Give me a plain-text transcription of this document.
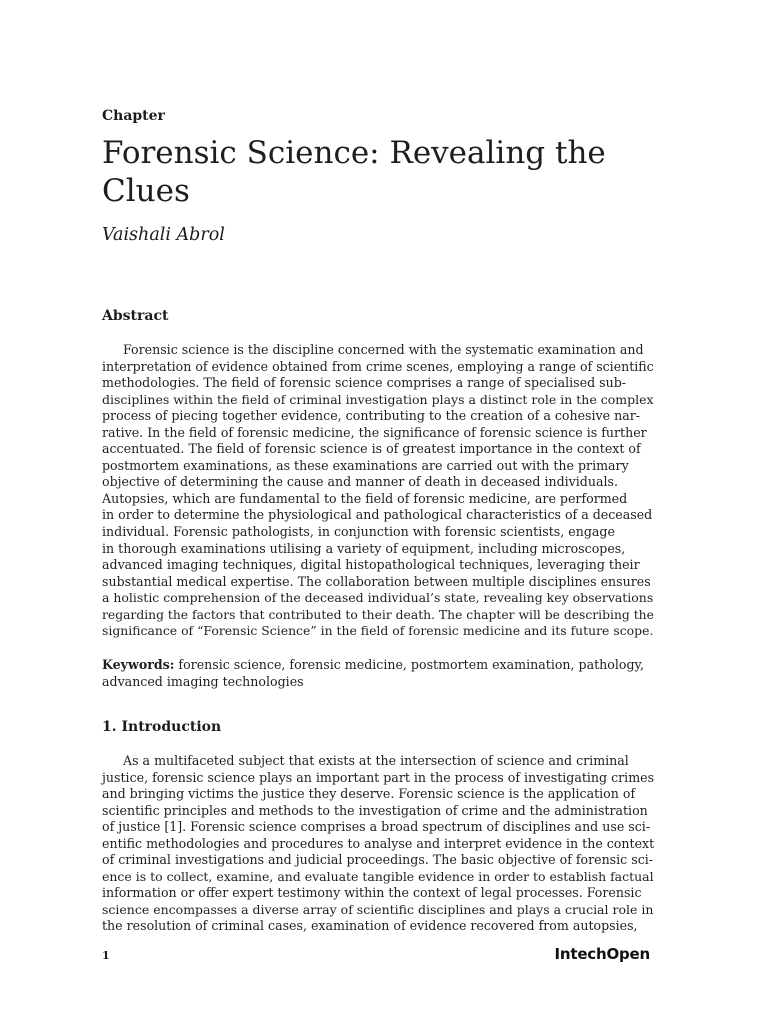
Chapter
Forensic Science: Revealing the
Clues
Vaishali Abrol
Abstract
Forensic science is the discipline concerned with the systematic examination and
interpretation of evidence obtained from crime scenes, employing a range of scientific
methodologies. The field of forensic science comprises a range of specialised sub-
disciplines within the field of criminal investigation plays a distinct role in the complex
process of piecing together evidence, contributing to the creation of a cohesive nar-
rative. In the field of forensic medicine, the significance of forensic science is further
accentuated. The field of forensic science is of greatest importance in the context of
postmortem examinations, as these examinations are carried out with the primary
objective of determining the cause and manner of death in deceased individuals.
Autopsies, which are fundamental to the field of forensic medicine, are performed
in order to determine the physiological and pathological characteristics of a deceased
individual. Forensic pathologists, in conjunction with forensic scientists, engage
in thorough examinations utilising a variety of equipment, including microscopes,
advanced imaging techniques, digital histopathological techniques, leveraging their
substantial medical expertise. The collaboration between multiple disciplines ensures
a holistic comprehension of the deceased individual’s state, revealing key observations
regarding the factors that contributed to their death. The chapter will be describing the
significance of “Forensic Science” in the field of forensic medicine and its future scope.
Keywords: forensic science, forensic medicine, postmortem examination, pathology,
advanced imaging technologies
1. Introduction
As a multifaceted subject that exists at the intersection of science and criminal
justice, forensic science plays an important part in the process of investigating crimes
and bringing victims the justice they deserve. Forensic science is the application of
scientific principles and methods to the investigation of crime and the administration
of justice [1]. Forensic science comprises a broad spectrum of disciplines and use sci-
entific methodologies and procedures to analyse and interpret evidence in the context
of criminal investigations and judicial proceedings. The basic objective of forensic sci-
ence is to collect, examine, and evaluate tangible evidence in order to establish factual
information or offer expert testimony within the context of legal processes. Forensic
science encompasses a diverse array of scientific disciplines and plays a crucial role in
the resolution of criminal cases, examination of evidence recovered from autopsies,
1	IntechOpen
